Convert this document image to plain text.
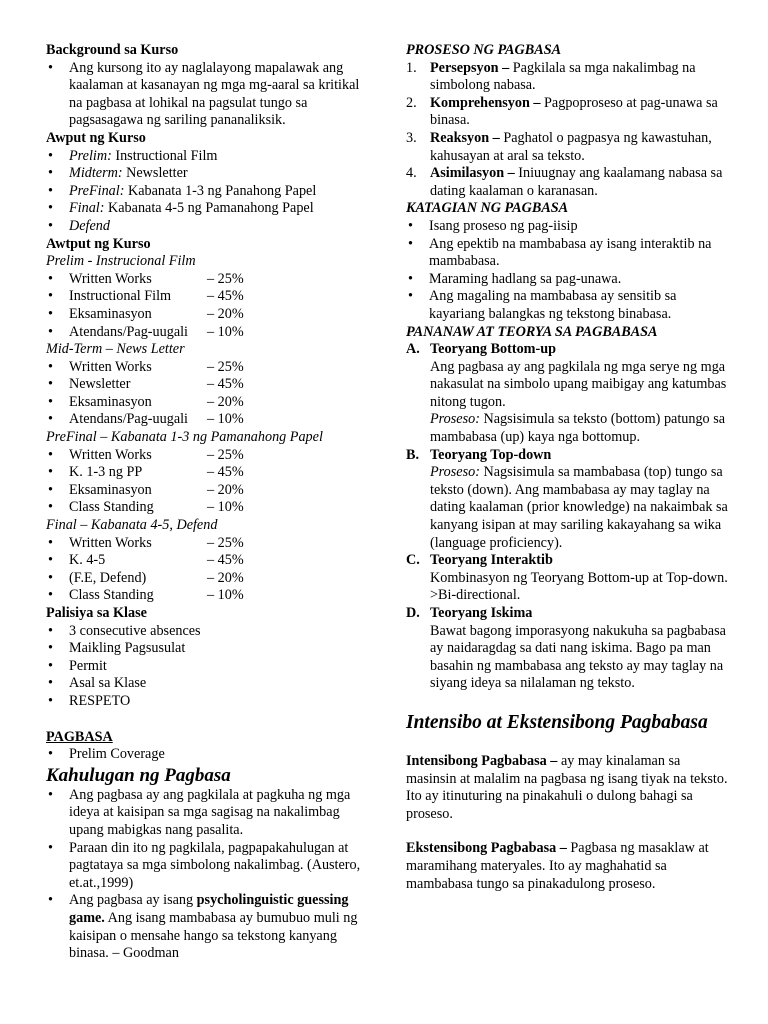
Background sa Kurso
• Ang kursong ito ay naglalayong mapalawak ang kaalaman at kasanayan ng mga mg-aaral sa kritikal na pagbasa at lohikal na pagsulat tungo sa pagsasagawa ng sariling pananaliksik.
Awput ng Kurso
• Prelim: Instructional Film
• Midterm: Newsletter
• PreFinal: Kabanata 1-3 ng Panahong Papel
• Final: Kabanata 4-5 ng Pamanahong Papel
• Defend
Awtput ng Kurso
Prelim - Instrucional Film
• Written Works	– 25%
• Instructional Film	– 45%
• Eksaminasyon	– 20%
• Atendans/Pag-uugali	– 10%
Mid-Term – News Letter
• Written Works	– 25%
• Newsletter	– 45%
• Eksaminasyon	– 20%
• Atendans/Pag-uugali	– 10%
PreFinal – Kabanata 1-3 ng Pamanahong Papel
• Written Works	– 25%
• K. 1-3 ng PP	– 45%
• Eksaminasyon	– 20%
• Class Standing	– 10%
Final – Kabanata 4-5, Defend
• Written Works	– 25%
• K. 4-5	– 45%
• (F.E, Defend)	– 20%
• Class Standing	– 10%
Palisiya sa Klase
• 3 consecutive absences
• Maikling Pagsusulat
• Permit
• Asal sa Klase
• RESPETO
PAGBASA
• Prelim Coverage
Kahulugan ng Pagbasa
• Ang pagbasa ay ang pagkilala at pagkuha ng mga ideya at kaisipan sa mga sagisag na nakalimbag upang mabigkas nang pasalita.
• Paraan din ito ng pagkilala, pagpapakahulugan at pagtataya sa mga simbolong nakalimbag. (Austero, et.at.,1999)
• Ang pagbasa ay isang psycholinguistic guessing game. Ang isang mambabasa ay bumubuo muli ng kaisipan o mensahe hango sa tekstong kanyang binasa. – Goodman
PROSESO NG PAGBASA
1. Persepsyon – Pagkilala sa mga nakalimbag na simbolong nabasa.
2. Komprehensyon – Pagpoproseso at pag-unawa sa binasa.
3. Reaksyon – Paghatol o pagpasya ng kawastuhan, kahusayan at aral sa teksto.
4. Asimilasyon – Iniuugnay ang kaalamang nabasa sa dating kaalaman o karanasan.
KATAGIAN NG PAGBASA
• Isang proseso ng pag-iisip
• Ang epektib na mambabasa ay isang interaktib na mambabasa.
• Maraming hadlang sa pag-unawa.
• Ang magaling na mambabasa ay sensitib sa kayariang balangkas ng tekstong binabasa.
PANANAW AT TEORYA SA PAGBABASA
A. Teoryang Bottom-up
Ang pagbasa ay ang pagkilala ng mga serye ng mga nakasulat na simbolo upang maibigay ang katumbas nitong tugon.
Proseso: Nagsisimula sa teksto (bottom) patungo sa mambabasa (up) kaya nga bottomup.
B. Teoryang Top-down
Proseso: Nagsisimula sa mambabasa (top) tungo sa teksto (down). Ang mambabasa ay may taglay na dating kaalaman (prior knowledge) na nakaimbak sa kanyang isipan at may sariling kakayahang sa wika (language proficiency).
C. Teoryang Interaktib
Kombinasyon ng Teoryang Bottom-up at Top-down. >Bi-directional.
D. Teoryang Iskima
Bawat bagong imporasyong nakukuha sa pagbabasa ay naidaragdag sa dati nang iskima. Bago pa man basahin ng mambabasa ang teksto ay may taglay na siyang ideya sa nilalaman ng teksto.
Intensibo at Ekstensibong Pagbabasa
Intensibong Pagbabasa – ay may kinalaman sa masinsin at malalim na pagbasa ng isang tiyak na teksto. Ito ay itinuturing na pinakahuli o dulong bahagi sa proseso.
Ekstensibong Pagbabasa – Pagbasa ng masaklaw at maramihang materyales. Ito ay maghahatid sa mambabasa tungo sa pinakadulong proseso.
